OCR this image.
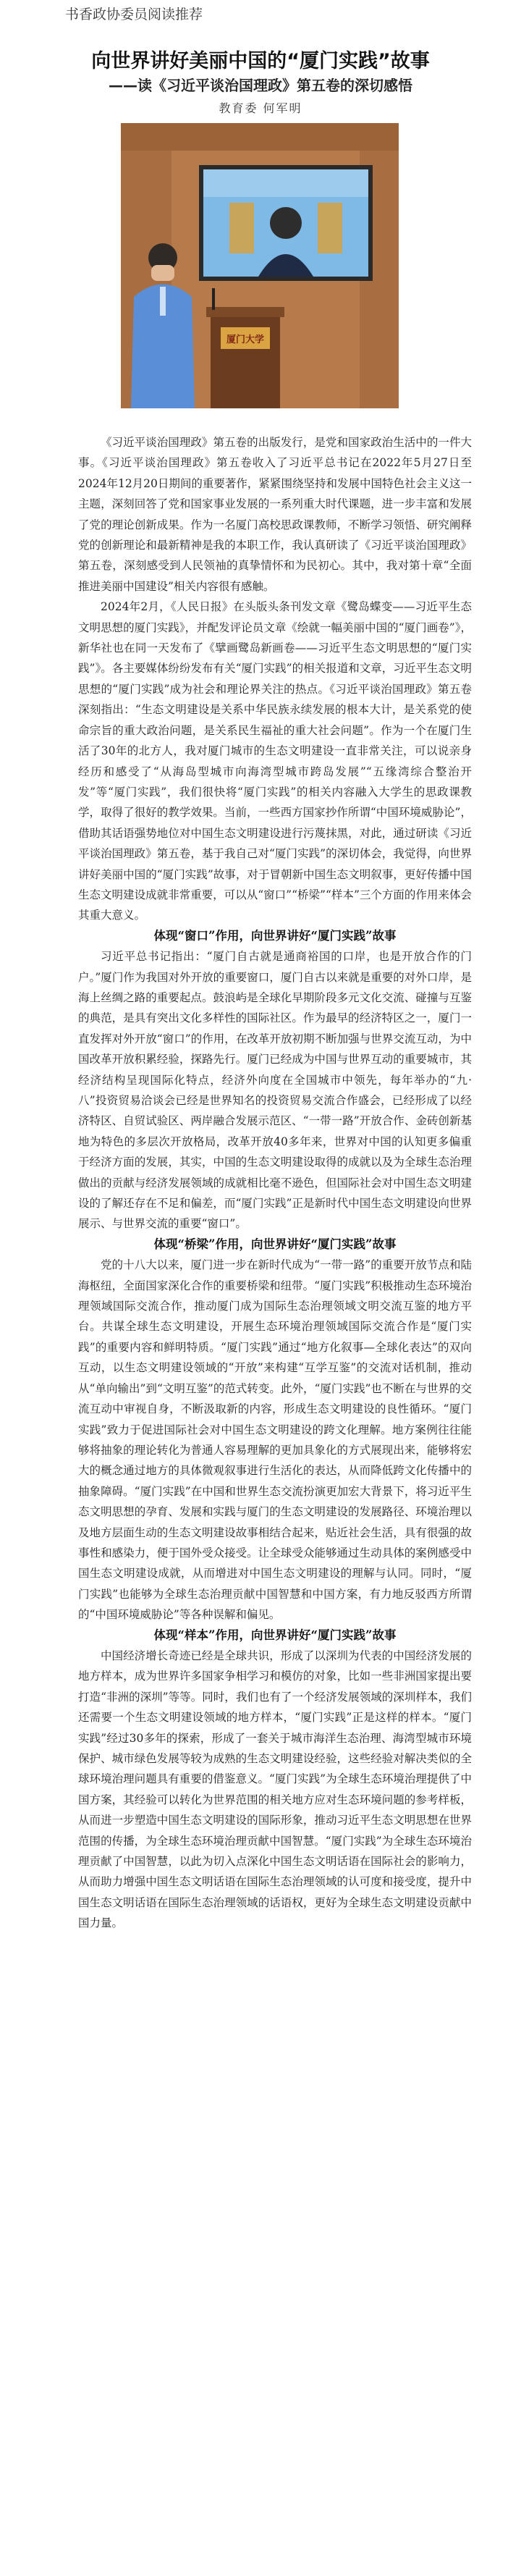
书香政协委员阅读推荐

向世界讲好美丽中国的“厦门实践”故事
——读《习近平谈治国理政》第五卷的深切感悟

教育委 何军明

厦门大学

《习近平谈治国理政》第五卷的出版发行，是党和国家政治生活中的一件大事。《习近平谈治国理政》第五卷收入了习近平总书记在2022年5月27日至2024年12月20日期间的重要著作，紧紧围绕坚持和发展中国特色社会主义这一主题，深刻回答了党和国家事业发展的一系列重大时代课题，进一步丰富和发展了党的理论创新成果。作为一名厦门高校思政课教师，不断学习领悟、研究阐释党的创新理论和最新精神是我的本职工作，我认真研读了《习近平谈治国理政》第五卷，深刻感受到人民领袖的真挚情怀和为民初心。其中，我对第十章“全面推进美丽中国建设”相关内容很有感触。

2024年2月，《人民日报》在头版头条刊发文章《鹭岛蝶变——习近平生态文明思想的厦门实践》，并配发评论员文章《绘就一幅美丽中国的“厦门画卷”》，新华社也在同一天发布了《擘画鹭岛新画卷——习近平生态文明思想的“厦门实践”》。各主要媒体纷纷发布有关“厦门实践”的相关报道和文章，习近平生态文明思想的“厦门实践”成为社会和理论界关注的热点。《习近平谈治国理政》第五卷深刻指出：“生态文明建设是关系中华民族永续发展的根本大计，是关系党的使命宗旨的重大政治问题，是关系民生福祉的重大社会问题”。作为一个在厦门生活了30年的北方人，我对厦门城市的生态文明建设一直非常关注，可以说亲身经历和感受了“从海岛型城市向海湾型城市跨岛发展”“五缘湾综合整治开发”等“厦门实践”，我们很快将“厦门实践”的相关内容融入大学生的思政课教学，取得了很好的教学效果。当前，一些西方国家抄作所谓“中国环境威胁论”，借助其话语强势地位对中国生态文明建设进行污蔑抹黑，对此，通过研读《习近平谈治国理政》第五卷，基于我自己对“厦门实践”的深切体会，我觉得，向世界讲好美丽中国的“厦门实践”故事，对于冒朝新中国生态文明叙事，更好传播中国生态文明建设成就非常重要，可以从“窗口”“桥梁”“样本”三个方面的作用来体会其重大意义。

体现“窗口”作用，向世界讲好“厦门实践”故事

习近平总书记指出：“厦门自古就是通商裕国的口岸，也是开放合作的门户。”厦门作为我国对外开放的重要窗口，厦门自古以来就是重要的对外口岸，是海上丝绸之路的重要起点。鼓浪屿是全球化早期阶段多元文化交流、碰撞与互鉴的典范，是具有突出文化多样性的国际社区。作为最早的经济特区之一，厦门一直发挥对外开放“窗口”的作用，在改革开放初期不断加强与世界交流互动，为中国改革开放积累经验，探路先行。厦门已经成为中国与世界互动的重要城市，其经济结构呈现国际化特点，经济外向度在全国城市中领先，每年举办的“九·八”投资贸易洽谈会已经是世界知名的投资贸易交流合作盛会，已经形成了以经济特区、自贸试验区、两岸融合发展示范区、“一带一路”开放合作、金砖创新基地为特色的多层次开放格局，改革开放40多年来，世界对中国的认知更多偏重于经济方面的发展，其实，中国的生态文明建设取得的成就以及为全球生态治理做出的贡献与经济发展领域的成就相比毫不逊色，但国际社会对中国生态文明建设的了解还存在不足和偏差，而“厦门实践”正是新时代中国生态文明建设向世界展示、与世界交流的重要“窗口”。

体现“桥梁”作用，向世界讲好“厦门实践”故事

党的十八大以来，厦门进一步在新时代成为“一带一路”的重要开放节点和陆海枢纽，全面国家深化合作的重要桥梁和纽带。“厦门实践”积极推动生态环境治理领域国际交流合作，推动厦门成为国际生态治理领域文明交流互鉴的地方平台。共谋全球生态文明建设，开展生态环境治理领域国际交流合作是“厦门实践”的重要内容和鲜明特质。“厦门实践”通过“地方化叙事—全球化表达”的双向互动，以生态文明建设领域的“开放”来构建“互学互鉴”的交流对话机制，推动从“单向输出”到“文明互鉴”的范式转变。此外，“厦门实践”也不断在与世界的交流互动中审视自身，不断汲取新的内容，形成生态文明建设的良性循环。“厦门实践”致力于促进国际社会对中国生态文明建设的跨文化理解。地方案例往往能够将抽象的理论转化为普通人容易理解的更加具象化的方式展现出来，能够将宏大的概念通过地方的具体微观叙事进行生活化的表达，从而降低跨文化传播中的抽象障碍。“厦门实践”在中国和世界生态交流扮演更加宏大背景下，将习近平生态文明思想的孕育、发展和实践与厦门的生态文明建设的发展路径、环境治理以及地方层面生动的生态文明建设故事相结合起来，贴近社会生活，具有很强的故事性和感染力，便于国外受众接受。让全球受众能够通过生动具体的案例感受中国生态文明建设成就，从而增进对中国生态文明建设的理解与认同。同时，“厦门实践”也能够为全球生态治理贡献中国智慧和中国方案，有力地反驳西方所谓的“中国环境威胁论”等各种误解和偏见。

体现“样本”作用，向世界讲好“厦门实践”故事

中国经济增长奇迹已经是全球共识，形成了以深圳为代表的中国经济发展的地方样本，成为世界许多国家争相学习和模仿的对象，比如一些非洲国家提出要打造“非洲的深圳”等等。同时，我们也有了一个经济发展领域的深圳样本，我们还需要一个生态文明建设领域的地方样本，“厦门实践”正是这样的样本。“厦门实践”经过30多年的探索，形成了一套关于城市海洋生态治理、海湾型城市环境保护、城市绿色发展等较为成熟的生态文明建设经验，这些经验对解决类似的全球环境治理问题具有重要的借鉴意义。“厦门实践”为全球生态环境治理提供了中国方案，其经验可以转化为世界范围的相关地方应对生态环境问题的参考样板，从而进一步塑造中国生态文明建设的国际形象，推动习近平生态文明思想在世界范围的传播，为全球生态环境治理贡献中国智慧。“厦门实践”为全球生态环境治理贡献了中国智慧，以此为切入点深化中国生态文明话语在国际社会的影响力，从而助力增强中国生态文明话语在国际生态治理领域的认可度和接受度，提升中国生态文明话语在国际生态治理领域的话语权，更好为全球生态文明建设贡献中国力量。
